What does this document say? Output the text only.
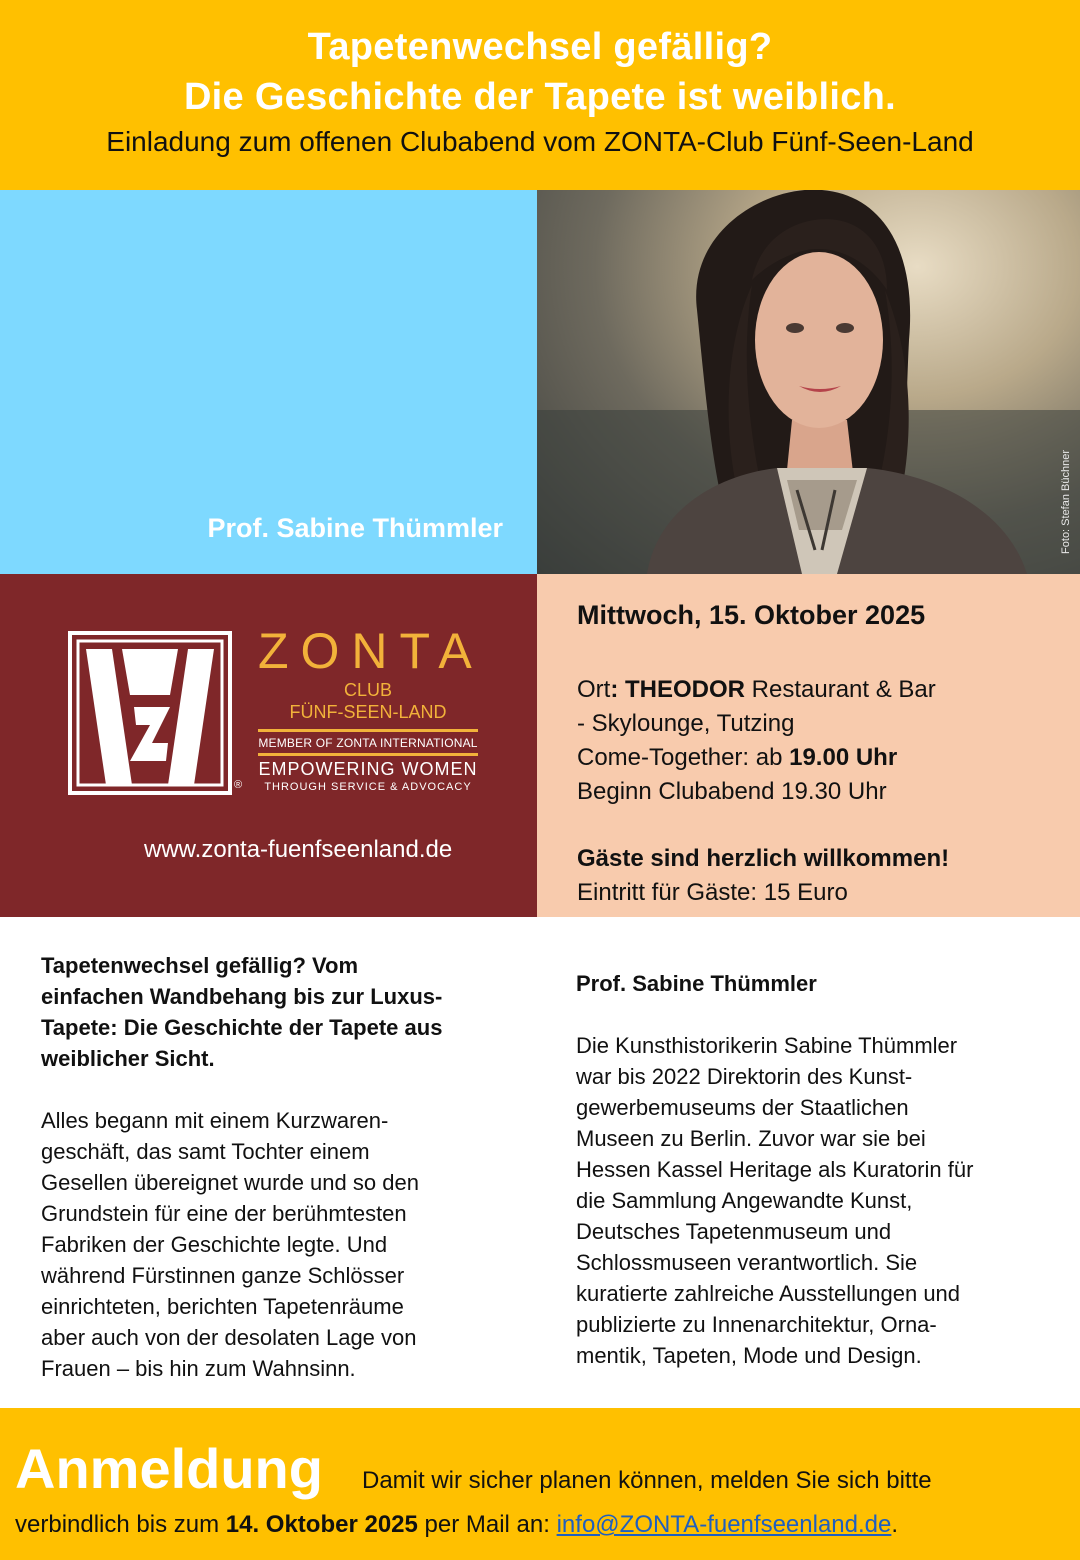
Tapetenwechsel gefällig?
Die Geschichte der Tapete ist weiblich.
Einladung zum offenen Clubabend vom ZONTA-Club Fünf-Seen-Land
Prof. Sabine Thümmler	Foto: Stefan Büchner
®
ZONTA
CLUB
FÜNF-SEEN-LAND
MEMBER OF ZONTA INTERNATIONAL
EMPOWERING WOMEN
THROUGH SERVICE & ADVOCACY
www.zonta-fuenfseenland.de
Mittwoch, 15. Oktober 2025
Ort: THEODOR Restaurant & Bar
- Skylounge, Tutzing
Come-Together: ab 19.00 Uhr
Beginn Clubabend 19.30 Uhr
Gäste sind herzlich willkommen!
Eintritt für Gäste: 15 Euro
Tapetenwechsel gefällig? Vom
einfachen Wandbehang bis zur Luxus-
Tapete: Die Geschichte der Tapete aus
weiblicher Sicht.
Alles begann mit einem Kurzwaren-
geschäft, das samt Tochter einem
Gesellen übereignet wurde und so den
Grundstein für eine der berühmtesten
Fabriken der Geschichte legte. Und
während Fürstinnen ganze Schlösser
einrichteten, berichten Tapetenräume
aber auch von der desolaten Lage von
Frauen – bis hin zum Wahnsinn.
Prof. Sabine Thümmler
Die Kunsthistorikerin Sabine Thümmler
war bis 2022 Direktorin des Kunst-
gewerbemuseums der Staatlichen
Museen zu Berlin. Zuvor war sie bei
Hessen Kassel Heritage als Kuratorin für
die Sammlung Angewandte Kunst,
Deutsches Tapetenmuseum und
Schlossmuseen verantwortlich. Sie
kuratierte zahlreiche Ausstellungen und
publizierte zu Innenarchitektur, Orna-
mentik, Tapeten, Mode und Design.
Anmeldung Damit wir sicher planen können, melden Sie sich bitte
verbindlich bis zum 14. Oktober 2025 per Mail an: info@ZONTA-fuenfseenland.de.
